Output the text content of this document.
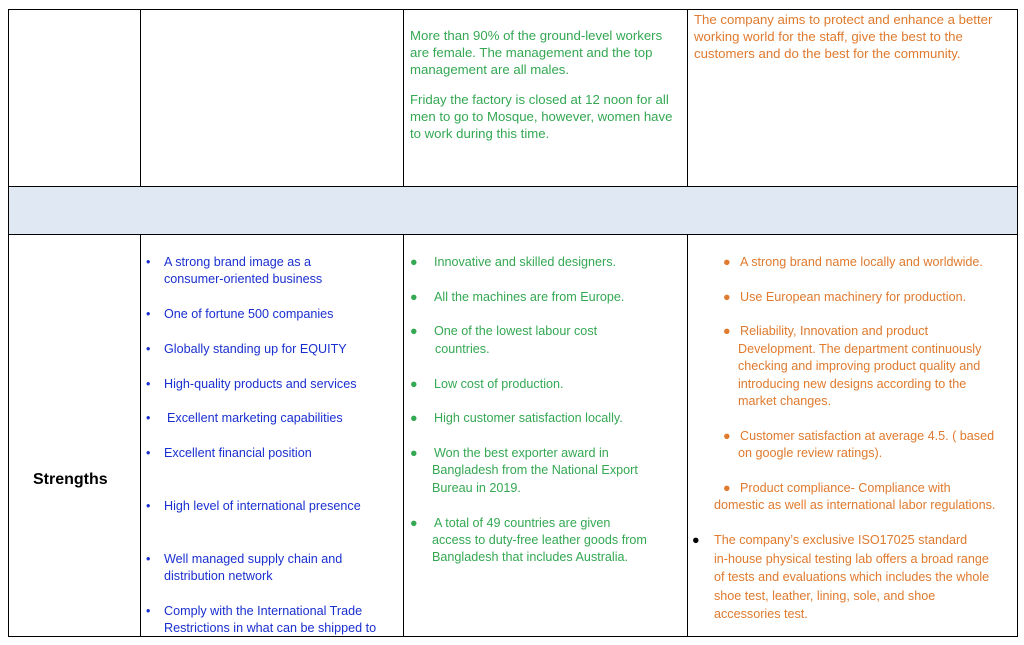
More than 90% of the ground-level workers are female. The management and the top management are all males.

Friday the factory is closed at 12 noon for all men to go to Mosque, however, women have to work during this time.

The company aims to protect and enhance a better working world for the staff, give the best to the customers and do the best for the community.

Strengths
• A strong brand image as a
consumer-oriented business
• One of fortune 500 companies
• Globally standing up for EQUITY
• High-quality products and services
• Excellent marketing capabilities
• Excellent financial position
• High level of international presence
• Well managed supply chain and
distribution network
• Comply with the International Trade
Restrictions in what can be shipped to
● Innovative and skilled designers.
● All the machines are from Europe.
● One of the lowest labour cost
countries.
● Low cost of production.
● High customer satisfaction locally.
● Won the best exporter award in
Bangladesh from the National Export
Bureau in 2019.
● A total of 49 countries are given
access to duty-free leather goods from
Bangladesh that includes Australia.
● A strong brand name locally and worldwide.
● Use European machinery for production.
● Reliability, Innovation and product
Development. The department continuously
checking and improving product quality and
introducing new designs according to the
market changes.
● Customer satisfaction at average 4.5. ( based
on google review ratings).
● Product compliance- Compliance with
domestic as well as international labor regulations.
● The company’s exclusive ISO17025 standard
in-house physical testing lab offers a broad range
of tests and evaluations which includes the whole
shoe test, leather, lining, sole, and shoe
accessories test.
